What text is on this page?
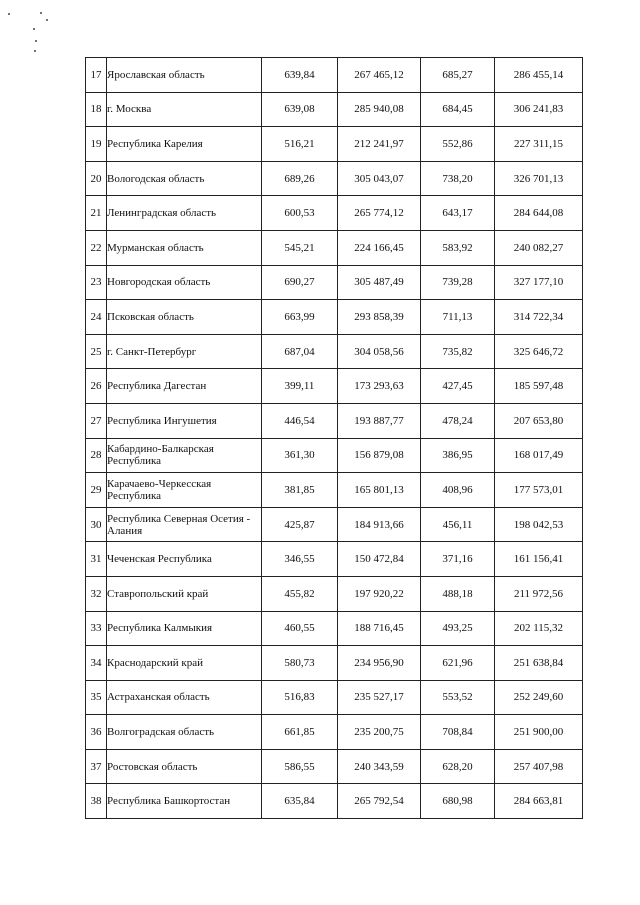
17	Ярославская область	639,84	267 465,12	685,27	286 455,14
18	г. Москва	639,08	285 940,08	684,45	306 241,83
19	Республика Карелия	516,21	212 241,97	552,86	227 311,15
20	Вологодская область	689,26	305 043,07	738,20	326 701,13
21	Ленинградская область	600,53	265 774,12	643,17	284 644,08
22	Мурманская область	545,21	224 166,45	583,92	240 082,27
23	Новгородская область	690,27	305 487,49	739,28	327 177,10
24	Псковская область	663,99	293 858,39	711,13	314 722,34
25	г. Санкт-Петербург	687,04	304 058,56	735,82	325 646,72
26	Республика Дагестан	399,11	173 293,63	427,45	185 597,48
27	Республика Ингушетия	446,54	193 887,77	478,24	207 653,80
28	Кабардино-Балкарская Республика	361,30	156 879,08	386,95	168 017,49
29	Карачаево-Черкесская Республика	381,85	165 801,13	408,96	177 573,01
30	Республика Северная Осетия - Алания	425,87	184 913,66	456,11	198 042,53
31	Чеченская Республика	346,55	150 472,84	371,16	161 156,41
32	Ставропольский край	455,82	197 920,22	488,18	211 972,56
33	Республика Калмыкия	460,55	188 716,45	493,25	202 115,32
34	Краснодарский край	580,73	234 956,90	621,96	251 638,84
35	Астраханская область	516,83	235 527,17	553,52	252 249,60
36	Волгоградская область	661,85	235 200,75	708,84	251 900,00
37	Ростовская область	586,55	240 343,59	628,20	257 407,98
38	Республика Башкортостан	635,84	265 792,54	680,98	284 663,81
